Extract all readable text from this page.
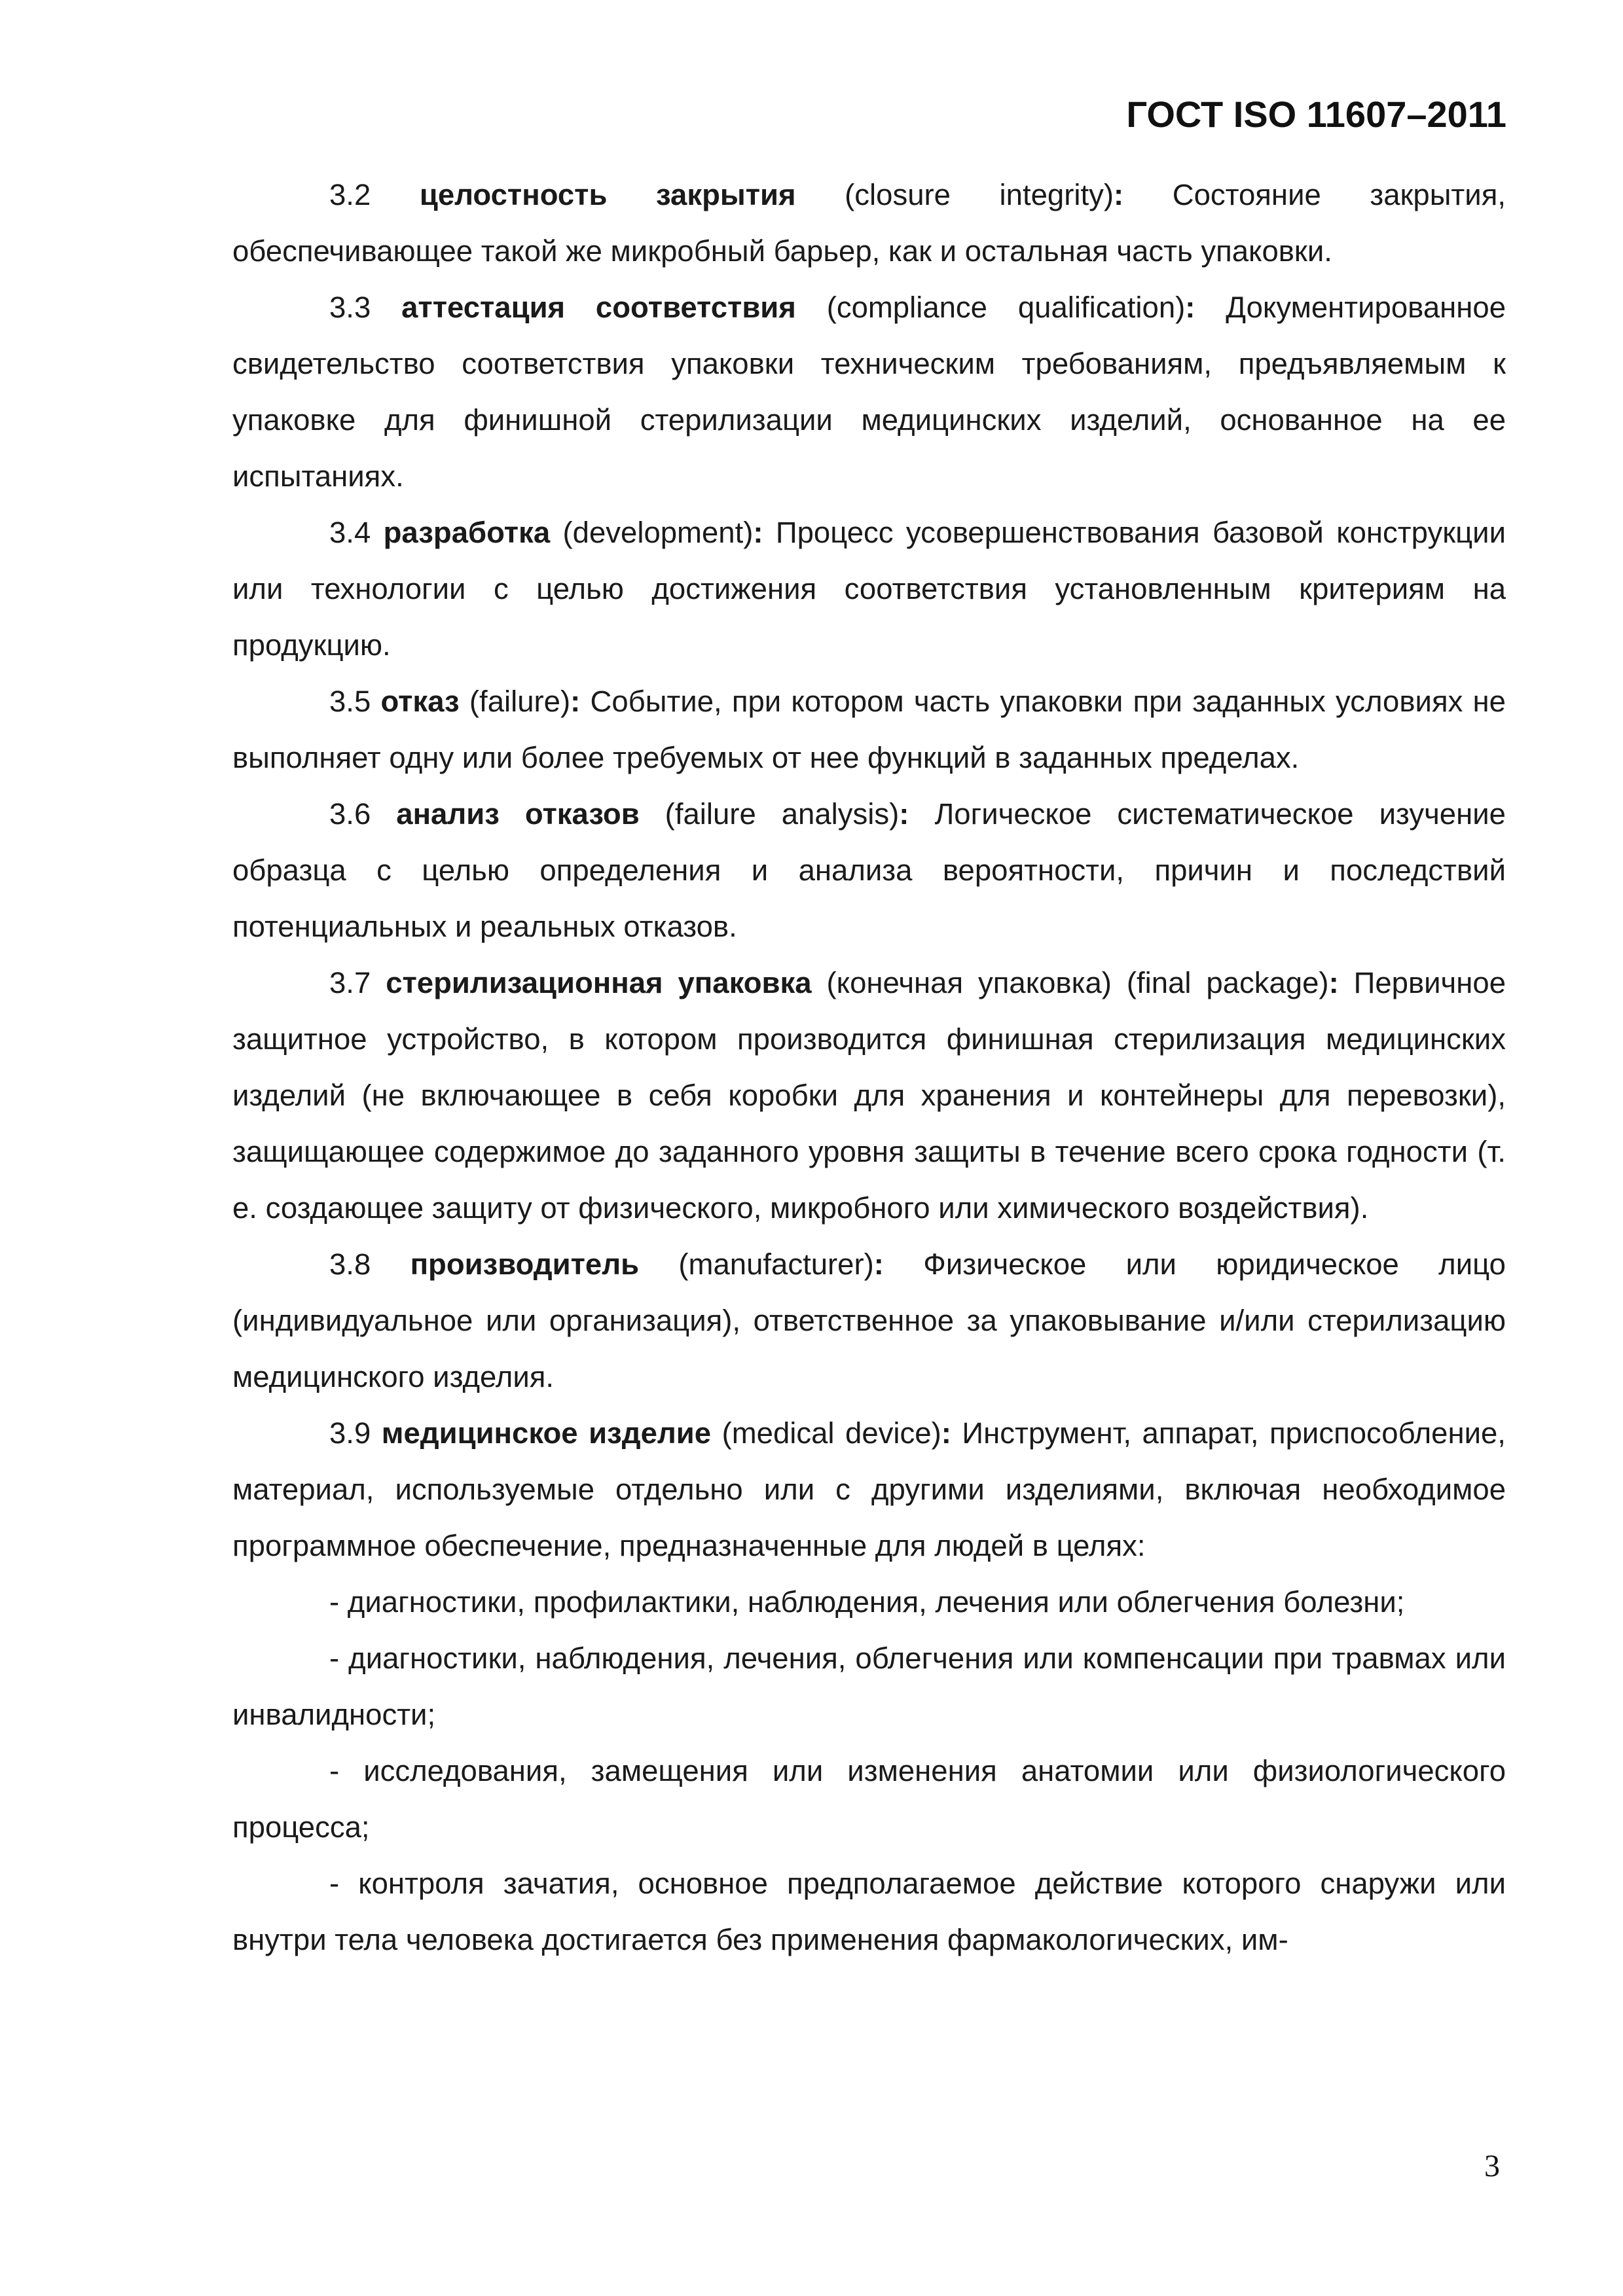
ГОСТ ISO 11607–2011

3.2 целостность закрытия (closure integrity): Состояние закрытия, обеспечивающее такой же микробный барьер, как и остальная часть упаковки.

3.3 аттестация соответствия (compliance qualification): Документированное свидетельство соответствия упаковки техническим требованиям, предъявляемым к упаковке для финишной стерилизации медицинских изделий, основанное на ее испытаниях.

3.4 разработка (development): Процесс усовершенствования базовой конструкции или технологии с целью достижения соответствия установленным критериям на продукцию.

3.5 отказ (failure): Событие, при котором часть упаковки при заданных условиях не выполняет одну или более требуемых от нее функций в заданных пределах.

3.6 анализ отказов (failure analysis): Логическое систематическое изучение образца с целью определения и анализа вероятности, причин и последствий потенциальных и реальных отказов.

3.7 стерилизационная упаковка (конечная упаковка) (final package): Первичное защитное устройство, в котором производится финишная стерилизация медицинских изделий (не включающее в себя коробки для хранения и контейнеры для перевозки), защищающее содержимое до заданного уровня защиты в течение всего срока годности (т. е. создающее защиту от физического, микробного или химического воздействия).

3.8 производитель (manufacturer): Физическое или юридическое лицо (индивидуальное или организация), ответственное за упаковывание и/или стерилизацию медицинского изделия.

3.9 медицинское изделие (medical device): Инструмент, аппарат, приспособление, материал, используемые отдельно или с другими изделиями, включая необходимое программное обеспечение, предназначенные для людей в целях:

- диагностики, профилактики, наблюдения, лечения или облегчения болезни;

- диагностики, наблюдения, лечения, облегчения или компенсации при травмах или инвалидности;

- исследования, замещения или изменения анатомии или физиологического процесса;

- контроля зачатия, основное предполагаемое действие которого снаружи или внутри тела человека достигается без применения фармакологических, им-

3
